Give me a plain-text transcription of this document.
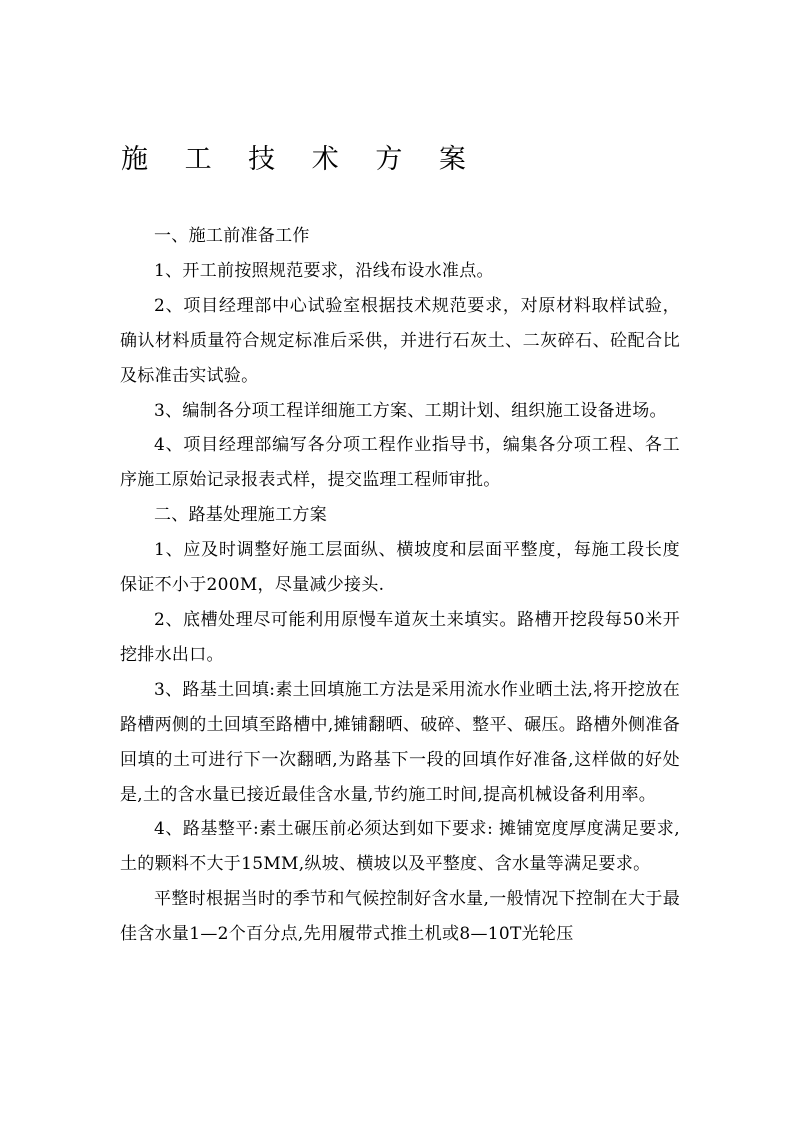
施 工 技 术 方 案

一、施工前准备工作

1、开工前按照规范要求，沿线布设水准点。

2、项目经理部中心试验室根据技术规范要求，对原材料取样试验，确认材料质量符合规定标准后采供，并进行石灰土、二灰碎石、砼配合比及标准击实试验。

3、编制各分项工程详细施工方案、工期计划、组织施工设备进场。

4、项目经理部编写各分项工程作业指导书，编集各分项工程、各工序施工原始记录报表式样，提交监理工程师审批。

二、路基处理施工方案

1、应及时调整好施工层面纵、横坡度和层面平整度，每施工段长度保证不小于200M，尽量减少接头.

2、底槽处理尽可能利用原慢车道灰土来填实。路槽开挖段每50米开挖排水出口。

3、路基土回填:素土回填施工方法是采用流水作业晒土法,将开挖放在路槽两侧的土回填至路槽中,摊铺翻晒、破碎、整平、碾压。路槽外侧准备回填的土可进行下一次翻晒,为路基下一段的回填作好准备,这样做的好处是,土的含水量已接近最佳含水量,节约施工时间,提高机械设备利用率。

4、路基整平:素土碾压前必须达到如下要求: 摊铺宽度厚度满足要求,土的颗料不大于15MM,纵坡、横坡以及平整度、含水量等满足要求。

平整时根据当时的季节和气候控制好含水量,一般情况下控制在大于最佳含水量1—2个百分点,先用履带式推土机或8—10T光轮压
